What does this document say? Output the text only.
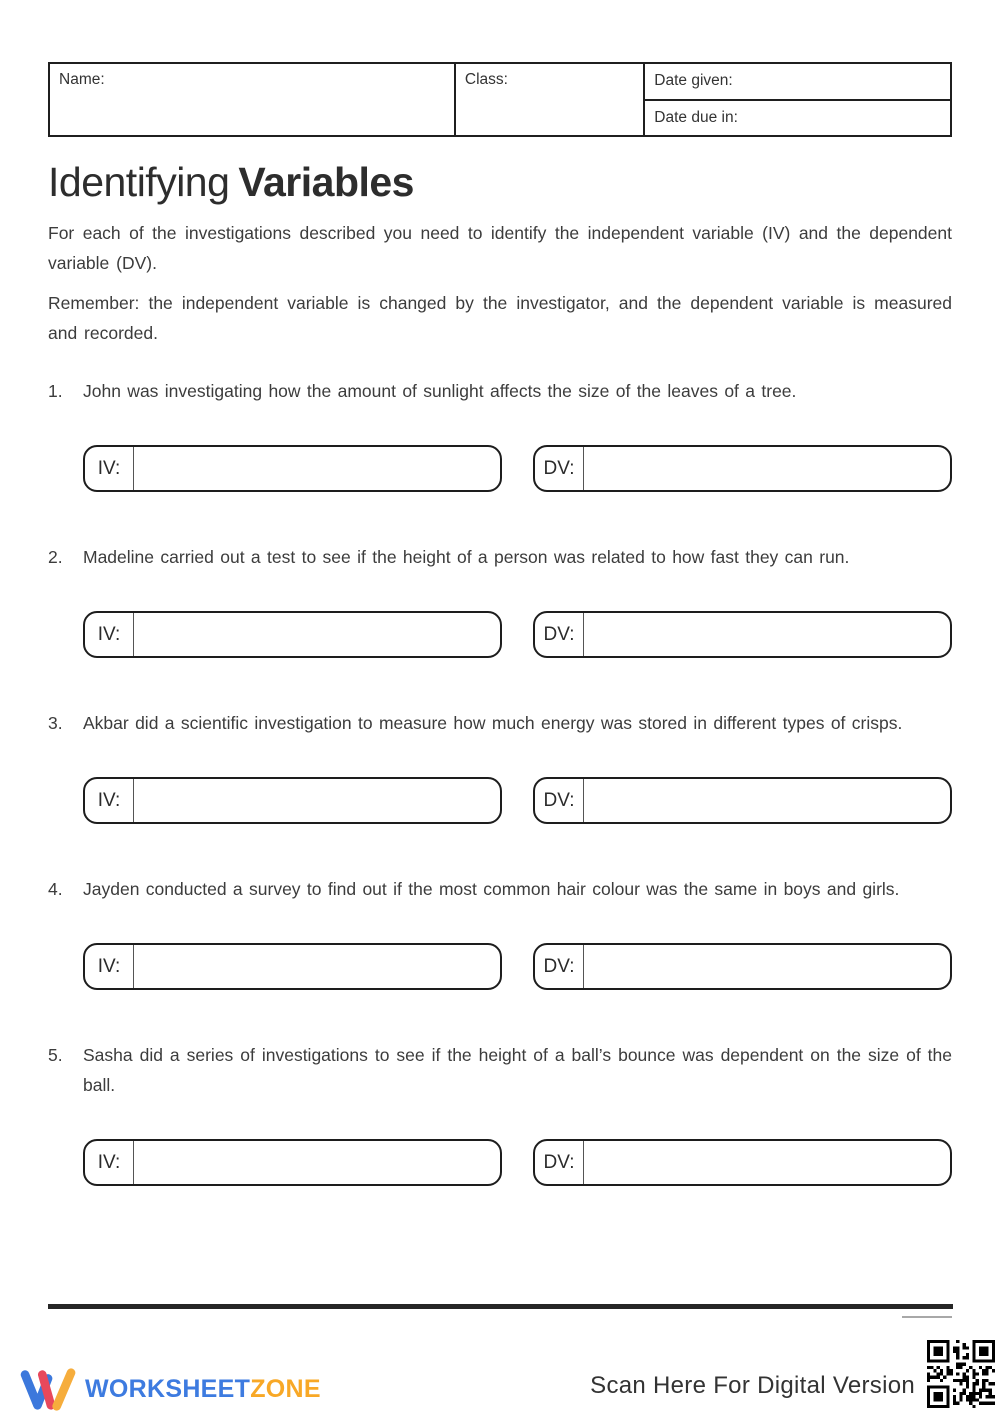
Name:	Class:	Date given:
Date due in:
Identifying Variables

For each of the investigations described you need to identify the independent variable (IV) and the dependent variable (DV).

Remember: the independent variable is changed by the investigator, and the dependent variable is measured and recorded.

1.	John was investigating how the amount of sunlight affects the size of the leaves of a tree.
IV:	DV:
2.	Madeline carried out a test to see if the height of a person was related to how fast they can run.
IV:	DV:
3.	Akbar did a scientific investigation to measure how much energy was stored in different types of crisps.
IV:	DV:
4.	Jayden conducted a survey to find out if the most common hair colour was the same in boys and girls.
IV:	DV:
5.	Sasha did a series of investigations to see if the height of a ball’s bounce was dependent on the size of the ball.
IV:	DV:
WORKSHEETZONE	Scan Here For Digital Version
